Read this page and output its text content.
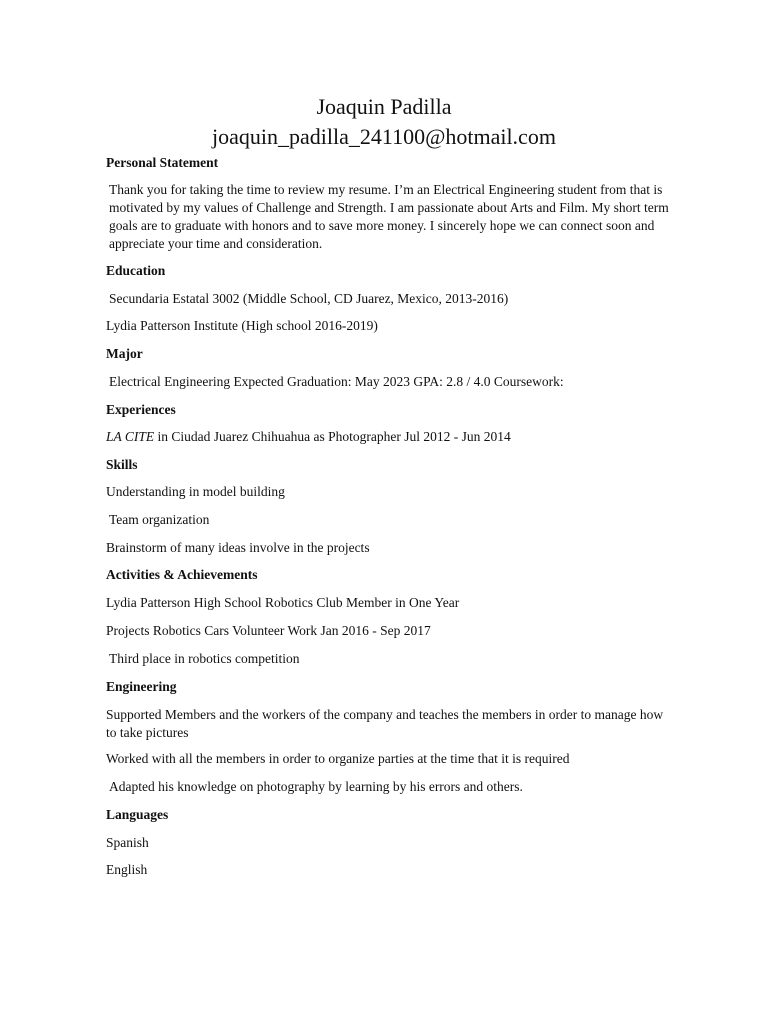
Joaquin Padilla
joaquin_padilla_241100@hotmail.com

Personal Statement

Thank you for taking the time to review my resume. I’m an Electrical Engineering student from that is motivated by my values of Challenge and Strength. I am passionate about Arts and Film. My short term goals are to graduate with honors and to save more money. I sincerely hope we can connect soon and appreciate your time and consideration.

Education

Secundaria Estatal 3002 (Middle School, CD Juarez, Mexico, 2013-2016)

Lydia Patterson Institute (High school 2016-2019)

Major

Electrical Engineering Expected Graduation: May 2023 GPA: 2.8 / 4.0 Coursework:

Experiences

LA CITE in Ciudad Juarez Chihuahua as Photographer Jul 2012 - Jun 2014

Skills

Understanding in model building

Team organization

Brainstorm of many ideas involve in the projects

Activities & Achievements

Lydia Patterson High School Robotics Club Member in One Year

Projects Robotics Cars Volunteer Work Jan 2016 - Sep 2017

Third place in robotics competition

Engineering

Supported Members and the workers of the company and teaches the members in order to manage how to take pictures

Worked with all the members in order to organize parties at the time that it is required

Adapted his knowledge on photography by learning by his errors and others.

Languages

Spanish

English
